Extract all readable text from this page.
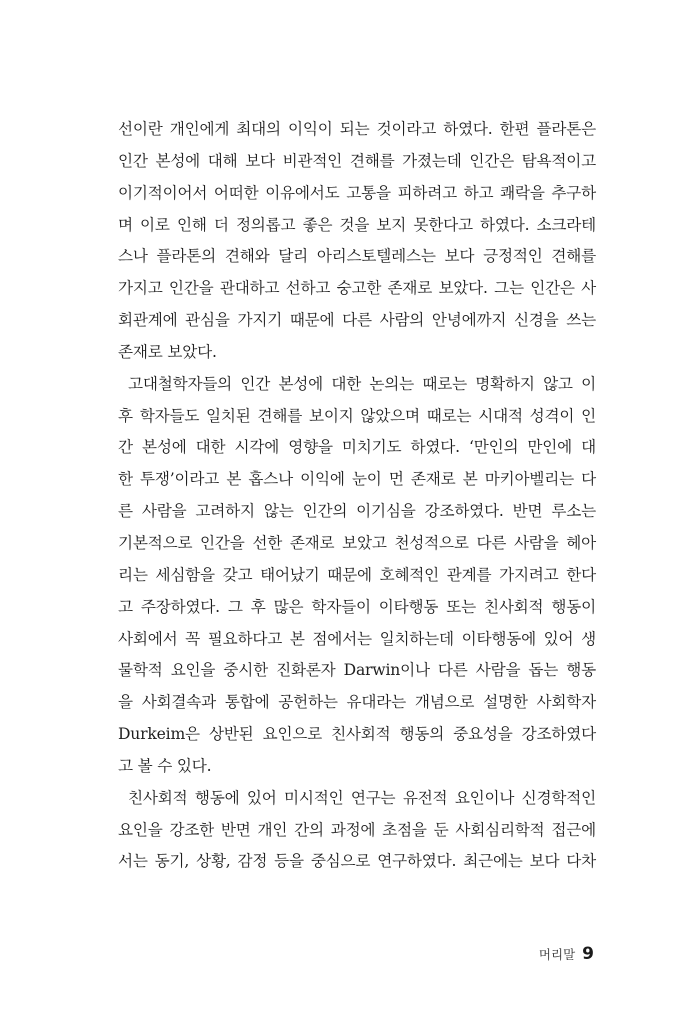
선이란 개인에게 최대의 이익이 되는 것이라고 하였다. 한편 플라톤은
인간 본성에 대해 보다 비관적인 견해를 가졌는데 인간은 탐욕적이고
이기적이어서 어떠한 이유에서도 고통을 피하려고 하고 쾌락을 추구하
며 이로 인해 더 정의롭고 좋은 것을 보지 못한다고 하였다. 소크라테
스나 플라톤의 견해와 달리 아리스토텔레스는 보다 긍정적인 견해를
가지고 인간을 관대하고 선하고 숭고한 존재로 보았다. 그는 인간은 사
회관계에 관심을 가지기 때문에 다른 사람의 안녕에까지 신경을 쓰는
존재로 보았다.
고대철학자들의 인간 본성에 대한 논의는 때로는 명확하지 않고 이
후 학자들도 일치된 견해를 보이지 않았으며 때로는 시대적 성격이 인
간 본성에 대한 시각에 영향을 미치기도 하였다. ‘만인의 만인에 대
한 투쟁’이라고 본 홉스나 이익에 눈이 먼 존재로 본 마키아벨리는 다
른 사람을 고려하지 않는 인간의 이기심을 강조하였다. 반면 루소는
기본적으로 인간을 선한 존재로 보았고 천성적으로 다른 사람을 헤아
리는 세심함을 갖고 태어났기 때문에 호혜적인 관계를 가지려고 한다
고 주장하였다. 그 후 많은 학자들이 이타행동 또는 친사회적 행동이
사회에서 꼭 필요하다고 본 점에서는 일치하는데 이타행동에 있어 생
물학적 요인을 중시한 진화론자 Darwin이나 다른 사람을 돕는 행동
을 사회결속과 통합에 공헌하는 유대라는 개념으로 설명한 사회학자
Durkeim은 상반된 요인으로 친사회적 행동의 중요성을 강조하였다
고 볼 수 있다.
친사회적 행동에 있어 미시적인 연구는 유전적 요인이나 신경학적인
요인을 강조한 반면 개인 간의 과정에 초점을 둔 사회심리학적 접근에
서는 동기, 상황, 감정 등을 중심으로 연구하였다. 최근에는 보다 다차
머리말 9
